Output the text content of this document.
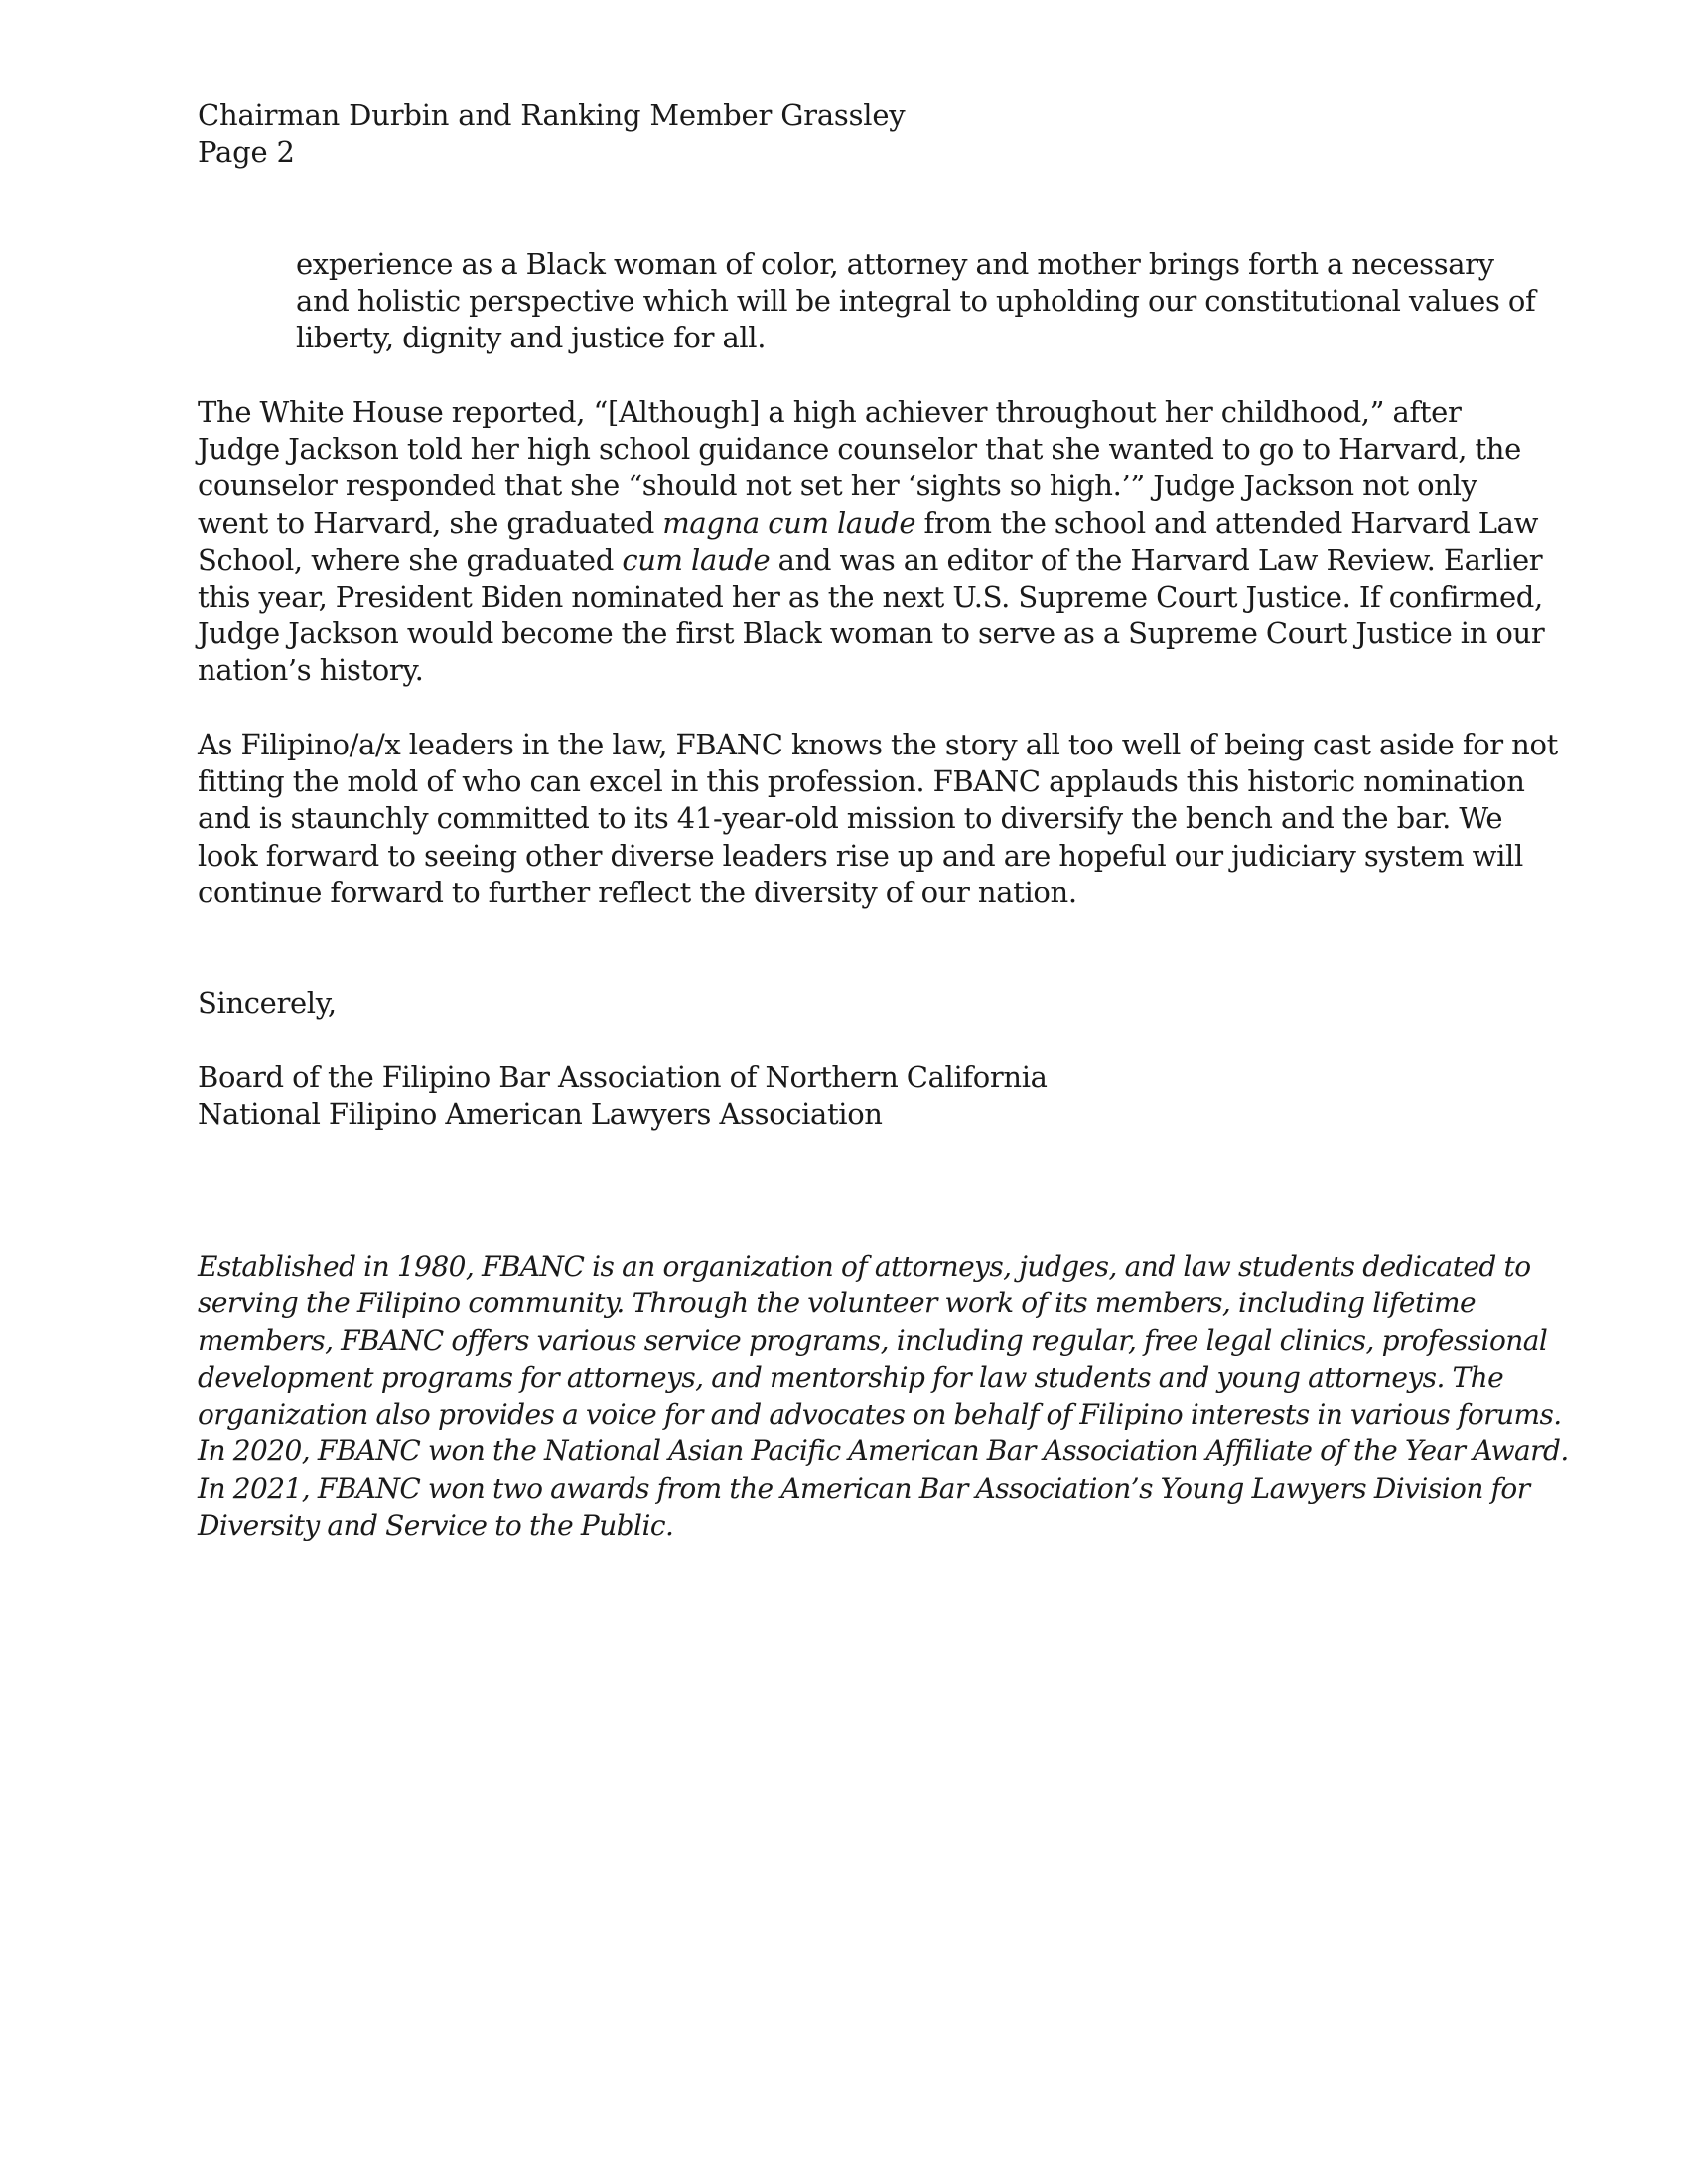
Chairman Durbin and Ranking Member Grassley
Page 2
experience as a Black woman of color, attorney and mother brings forth a necessary
and holistic perspective which will be integral to upholding our constitutional values of
liberty, dignity and justice for all.
The White House reported, “[Although] a high achiever throughout her childhood,” after
Judge Jackson told her high school guidance counselor that she wanted to go to Harvard, the
counselor responded that she “should not set her ‘sights so high.’” Judge Jackson not only
went to Harvard, she graduated magna cum laude from the school and attended Harvard Law
School, where she graduated cum laude and was an editor of the Harvard Law Review. Earlier
this year, President Biden nominated her as the next U.S. Supreme Court Justice. If confirmed,
Judge Jackson would become the first Black woman to serve as a Supreme Court Justice in our
nation’s history.
As Filipino/a/x leaders in the law, FBANC knows the story all too well of being cast aside for not
fitting the mold of who can excel in this profession. FBANC applauds this historic nomination
and is staunchly committed to its 41-year-old mission to diversify the bench and the bar. We
look forward to seeing other diverse leaders rise up and are hopeful our judiciary system will
continue forward to further reflect the diversity of our nation.
Sincerely,
Board of the Filipino Bar Association of Northern California
National Filipino American Lawyers Association
Established in 1980, FBANC is an organization of attorneys, judges, and law students dedicated to
serving the Filipino community. Through the volunteer work of its members, including lifetime
members, FBANC offers various service programs, including regular, free legal clinics, professional
development programs for attorneys, and mentorship for law students and young attorneys. The
organization also provides a voice for and advocates on behalf of Filipino interests in various forums.
In 2020, FBANC won the National Asian Pacific American Bar Association Affiliate of the Year Award.
In 2021, FBANC won two awards from the American Bar Association’s Young Lawyers Division for
Diversity and Service to the Public.
